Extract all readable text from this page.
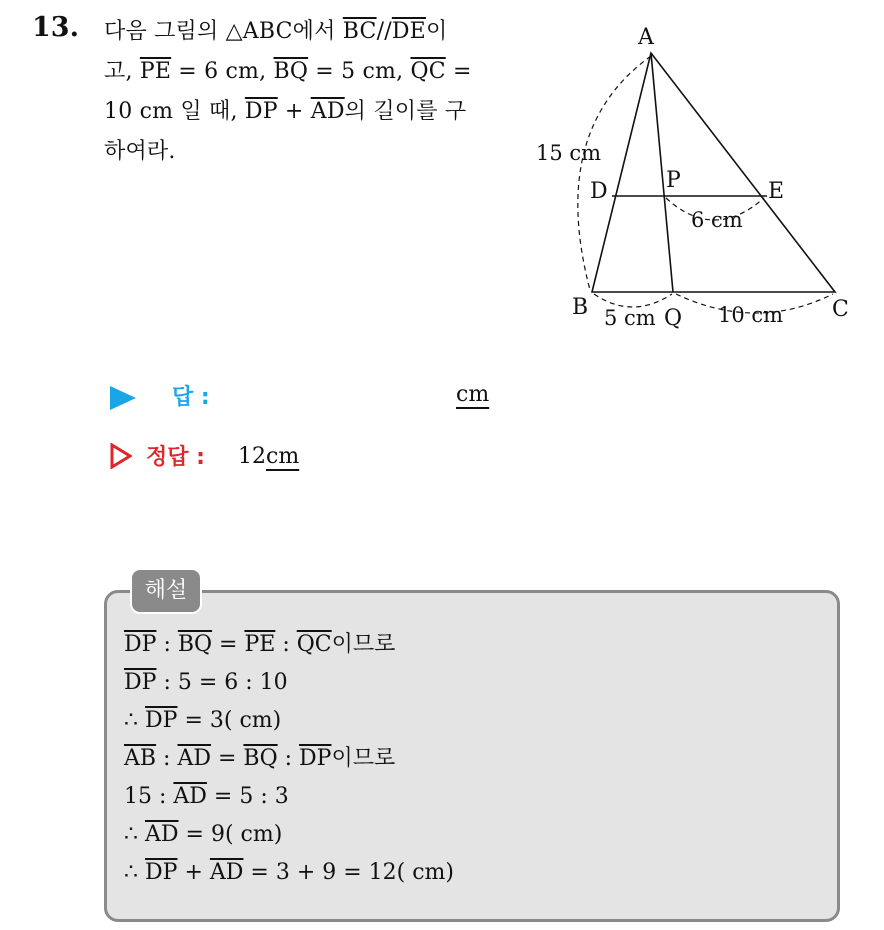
13. 다음 그림의 △ABC에서 $\overline{BC}//\overline{DE}$이
고, $\overline{PE} = 6$ cm, $\overline{BQ} = 5$ cm, $\overline{QC}$ =
10 cm 일 때, $\overline{DP} + \overline{AD}$의 길이를 구
하여라.
A
B	C
D	E
P
Q
15 cm
6 cm
5 cm	10 cm
답 :	cm
정답 : 12cm
해설
$\overline{DP}$ : $\overline{BQ} = \overline{PE}$ : $\overline{QC}$이므로
$\overline{DP}$ : 5 = 6 : 10
∴ $\overline{DP} = 3$( cm)
$\overline{AB}$ : $\overline{AD} = \overline{BQ}$ : $\overline{DP}$이므로
15 : $\overline{AD} = 5$ : 3
∴ $\overline{AD} = 9$( cm)
∴ $\overline{DP} + \overline{AD} = 3 + 9 = 12$( cm)
